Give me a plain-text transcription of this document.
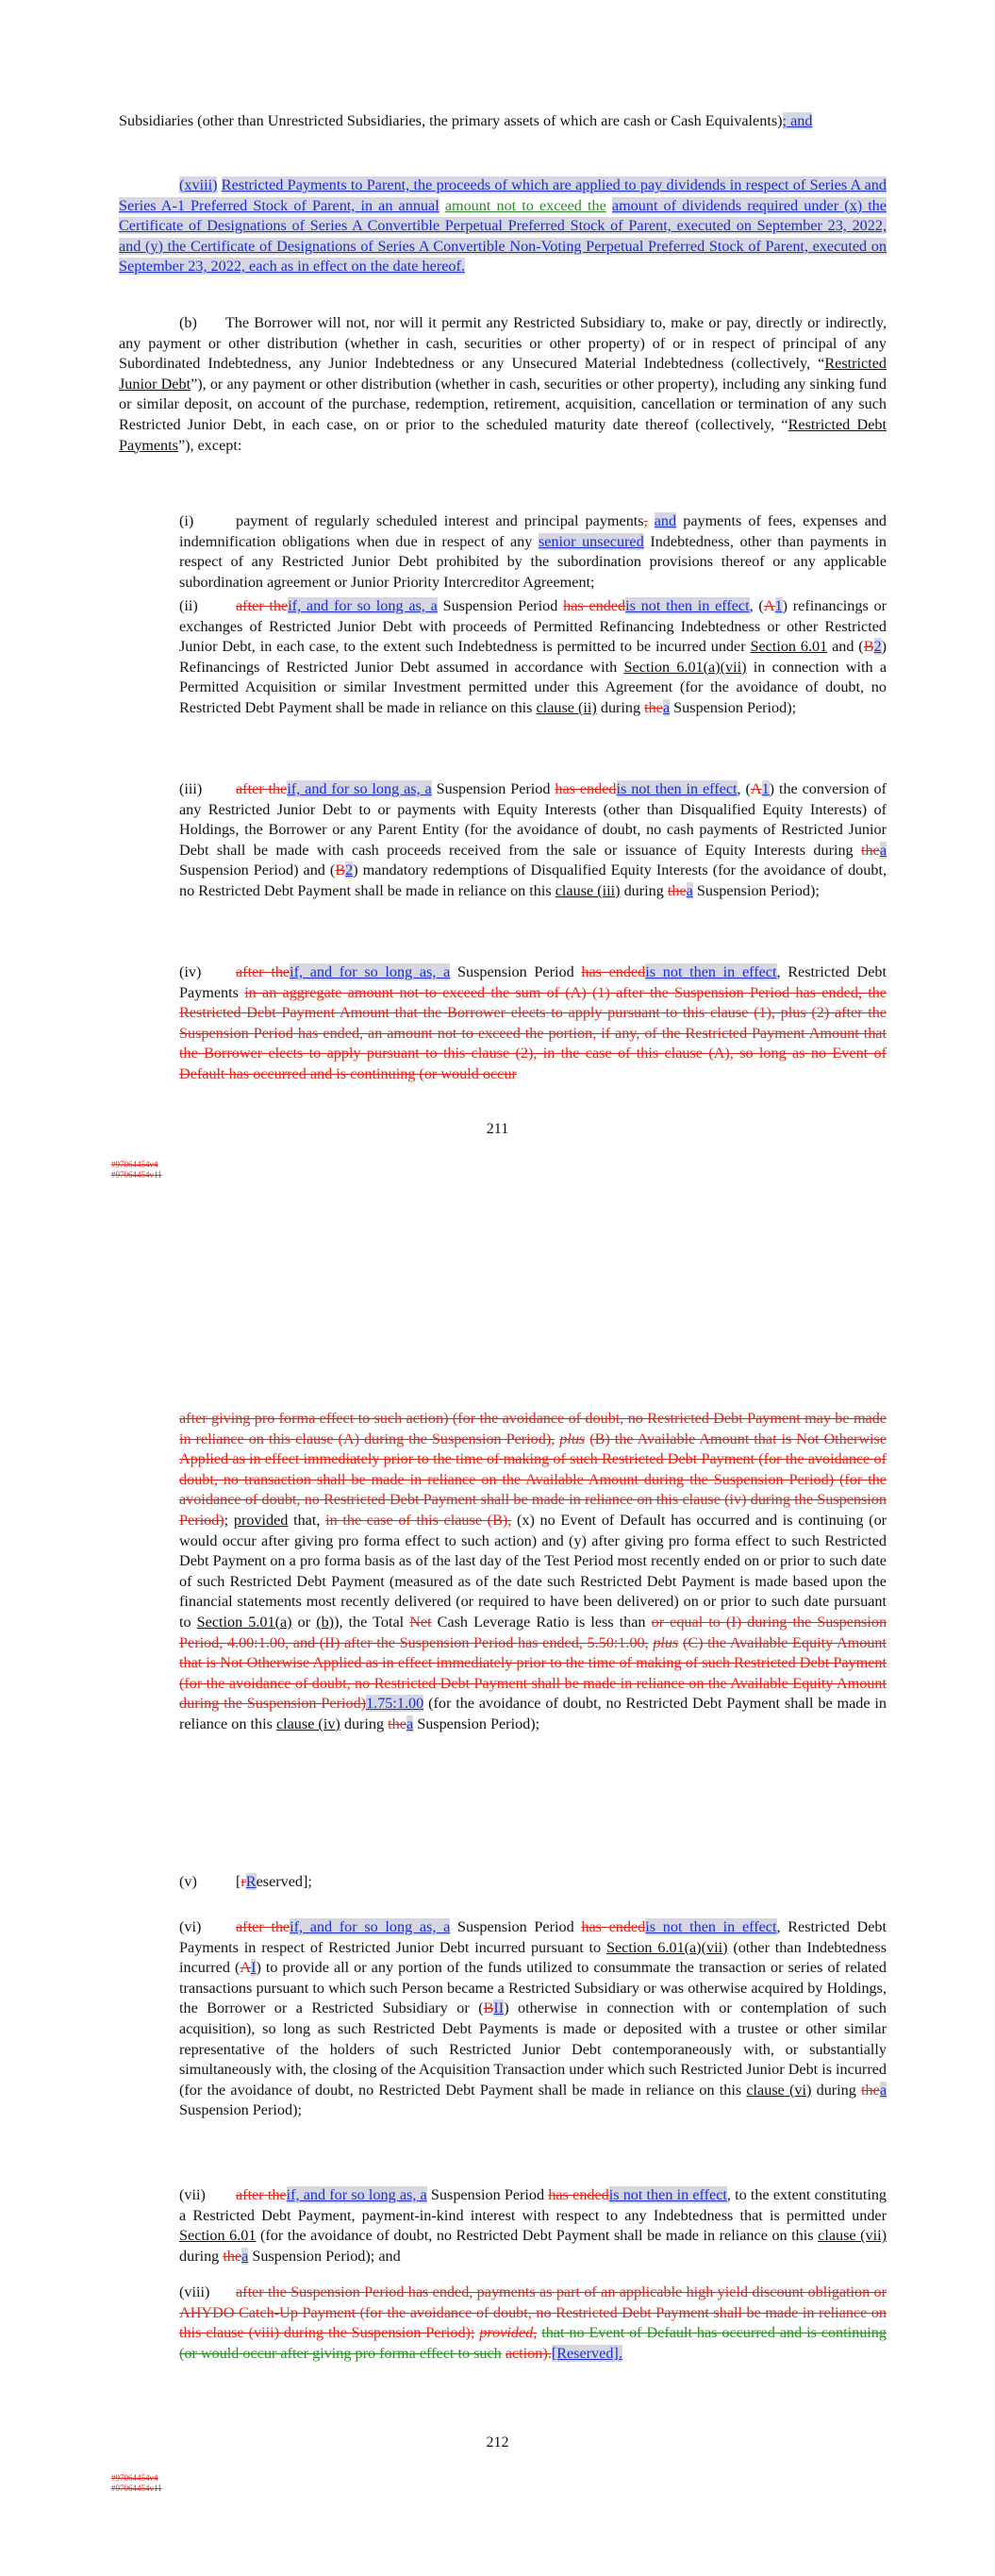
Subsidiaries (other than Unrestricted Subsidiaries, the primary assets of which are cash or Cash Equivalents); and

(xviii) Restricted Payments to Parent, the proceeds of which are applied to pay dividends in respect of Series A and Series A-1 Preferred Stock of Parent, in an annual amount not to exceed the amount of dividends required under (x) the Certificate of Designations of Series A Convertible Perpetual Preferred Stock of Parent, executed on September 23, 2022, and (y) the Certificate of Designations of Series A Convertible Non-Voting Perpetual Preferred Stock of Parent, executed on September 23, 2022, each as in effect on the date hereof.

(b) The Borrower will not, nor will it permit any Restricted Subsidiary to, make or pay, directly or indirectly, any payment or other distribution (whether in cash, securities or other property) of or in respect of principal of any Subordinated Indebtedness, any Junior Indebtedness or any Unsecured Material Indebtedness (collectively, “Restricted Junior Debt”), or any payment or other distribution (whether in cash, securities or other property), including any sinking fund or similar deposit, on account of the purchase, redemption, retirement, acquisition, cancellation or termination of any such Restricted Junior Debt, in each case, on or prior to the scheduled maturity date thereof (collectively, “Restricted Debt Payments”), except:

(i)	payment of regularly scheduled interest and principal payments, and payments of fees, expenses and indemnification obligations when due in respect of any senior unsecured Indebtedness, other than payments in respect of any Restricted Junior Debt prohibited by the subordination provisions thereof or any applicable subordination agreement or Junior Priority Intercreditor Agreement;

(ii) after theif, and for so long as, a Suspension Period has endedis not then in effect, (A1) refinancings or exchanges of Restricted Junior Debt with proceeds of Permitted Refinancing Indebtedness or other Restricted Junior Debt, in each case, to the extent such Indebtedness is permitted to be incurred under Section 6.01 and (B2) Refinancings of Restricted Junior Debt assumed in accordance with Section 6.01(a)(vii) in connection with a Permitted Acquisition or similar Investment permitted under this Agreement (for the avoidance of doubt, no Restricted Debt Payment shall be made in reliance on this clause (ii) during thea Suspension Period);

(iii) after theif, and for so long as, a Suspension Period has endedis not then in effect, (A1) the conversion of any Restricted Junior Debt to or payments with Equity Interests (other than Disqualified Equity Interests) of Holdings, the Borrower or any Parent Entity (for the avoidance of doubt, no cash payments of Restricted Junior Debt shall be made with cash proceeds received from the sale or issuance of Equity Interests during thea Suspension Period) and (B2) mandatory redemptions of Disqualified Equity Interests (for the avoidance of doubt, no Restricted Debt Payment shall be made in reliance on this clause (iii) during thea Suspension Period);

(iv) after theif, and for so long as, a Suspension Period has endedis not then in effect, Restricted Debt Payments in an aggregate amount not to exceed the sum of (A) (1) after the Suspension Period has ended, the Restricted Debt Payment Amount that the Borrower elects to apply pursuant to this clause (1), plus (2) after the Suspension Period has ended, an amount not to exceed the portion, if any, of the Restricted Payment Amount that the Borrower elects to apply pursuant to this clause (2), in the case of this clause (A), so long as no Event of Default has occurred and is continuing (or would occur

211
#97064454v4
#97064454v11

after giving pro forma effect to such action) (for the avoidance of doubt, no Restricted Debt Payment may be made in reliance on this clause (A) during the Suspension Period), plus (B) the Available Amount that is Not Otherwise Applied as in effect immediately prior to the time of making of such Restricted Debt Payment (for the avoidance of doubt, no transaction shall be made in reliance on the Available Amount during the Suspension Period) (for the avoidance of doubt, no Restricted Debt Payment shall be made in reliance on this clause (iv) during the Suspension Period); provided that, in the case of this clause (B), (x) no Event of Default has occurred and is continuing (or would occur after giving pro forma effect to such action) and (y) after giving pro forma effect to such Restricted Debt Payment on a pro forma basis as of the last day of the Test Period most recently ended on or prior to such date of such Restricted Debt Payment (measured as of the date such Restricted Debt Payment is made based upon the financial statements most recently delivered (or required to have been delivered) on or prior to such date pursuant to Section 5.01(a) or (b)), the Total Net Cash Leverage Ratio is less than or equal to (I) during the Suspension Period, 4.00:1.00, and (II) after the Suspension Period has ended, 5.50:1.00, plus (C) the Available Equity Amount that is Not Otherwise Applied as in effect immediately prior to the time of making of such Restricted Debt Payment (for the avoidance of doubt, no Restricted Debt Payment shall be made in reliance on the Available Equity Amount during the Suspension Period)1.75:1.00 (for the avoidance of doubt, no Restricted Debt Payment shall be made in reliance on this clause (iv) during thea Suspension Period);

(v)	[rReserved];

(vi) after theif, and for so long as, a Suspension Period has endedis not then in effect, Restricted Debt Payments in respect of Restricted Junior Debt incurred pursuant to Section 6.01(a)(vii) (other than Indebtedness incurred (AI) to provide all or any portion of the funds utilized to consummate the transaction or series of related transactions pursuant to which such Person became a Restricted Subsidiary or was otherwise acquired by Holdings, the Borrower or a Restricted Subsidiary or (BII) otherwise in connection with or contemplation of such acquisition), so long as such Restricted Debt Payments is made or deposited with a trustee or other similar representative of the holders of such Restricted Junior Debt contemporaneously with, or substantially simultaneously with, the closing of the Acquisition Transaction under which such Restricted Junior Debt is incurred (for the avoidance of doubt, no Restricted Debt Payment shall be made in reliance on this clause (vi) during thea Suspension Period);

(vii) after theif, and for so long as, a Suspension Period has endedis not then in effect, to the extent constituting a Restricted Debt Payment, payment-in-kind interest with respect to any Indebtedness that is permitted under Section 6.01 (for the avoidance of doubt, no Restricted Debt Payment shall be made in reliance on this clause (vii) during thea Suspension Period); and

(viii) after the Suspension Period has ended, payments as part of an applicable high yield discount obligation or AHYDO Catch-Up Payment (for the avoidance of doubt, no Restricted Debt Payment shall be made in reliance on this clause (viii) during the Suspension Period); provided, that no Event of Default has occurred and is continuing (or would occur after giving pro forma effect to such action).[Reserved].

212
#97064454v4
#97064454v11
